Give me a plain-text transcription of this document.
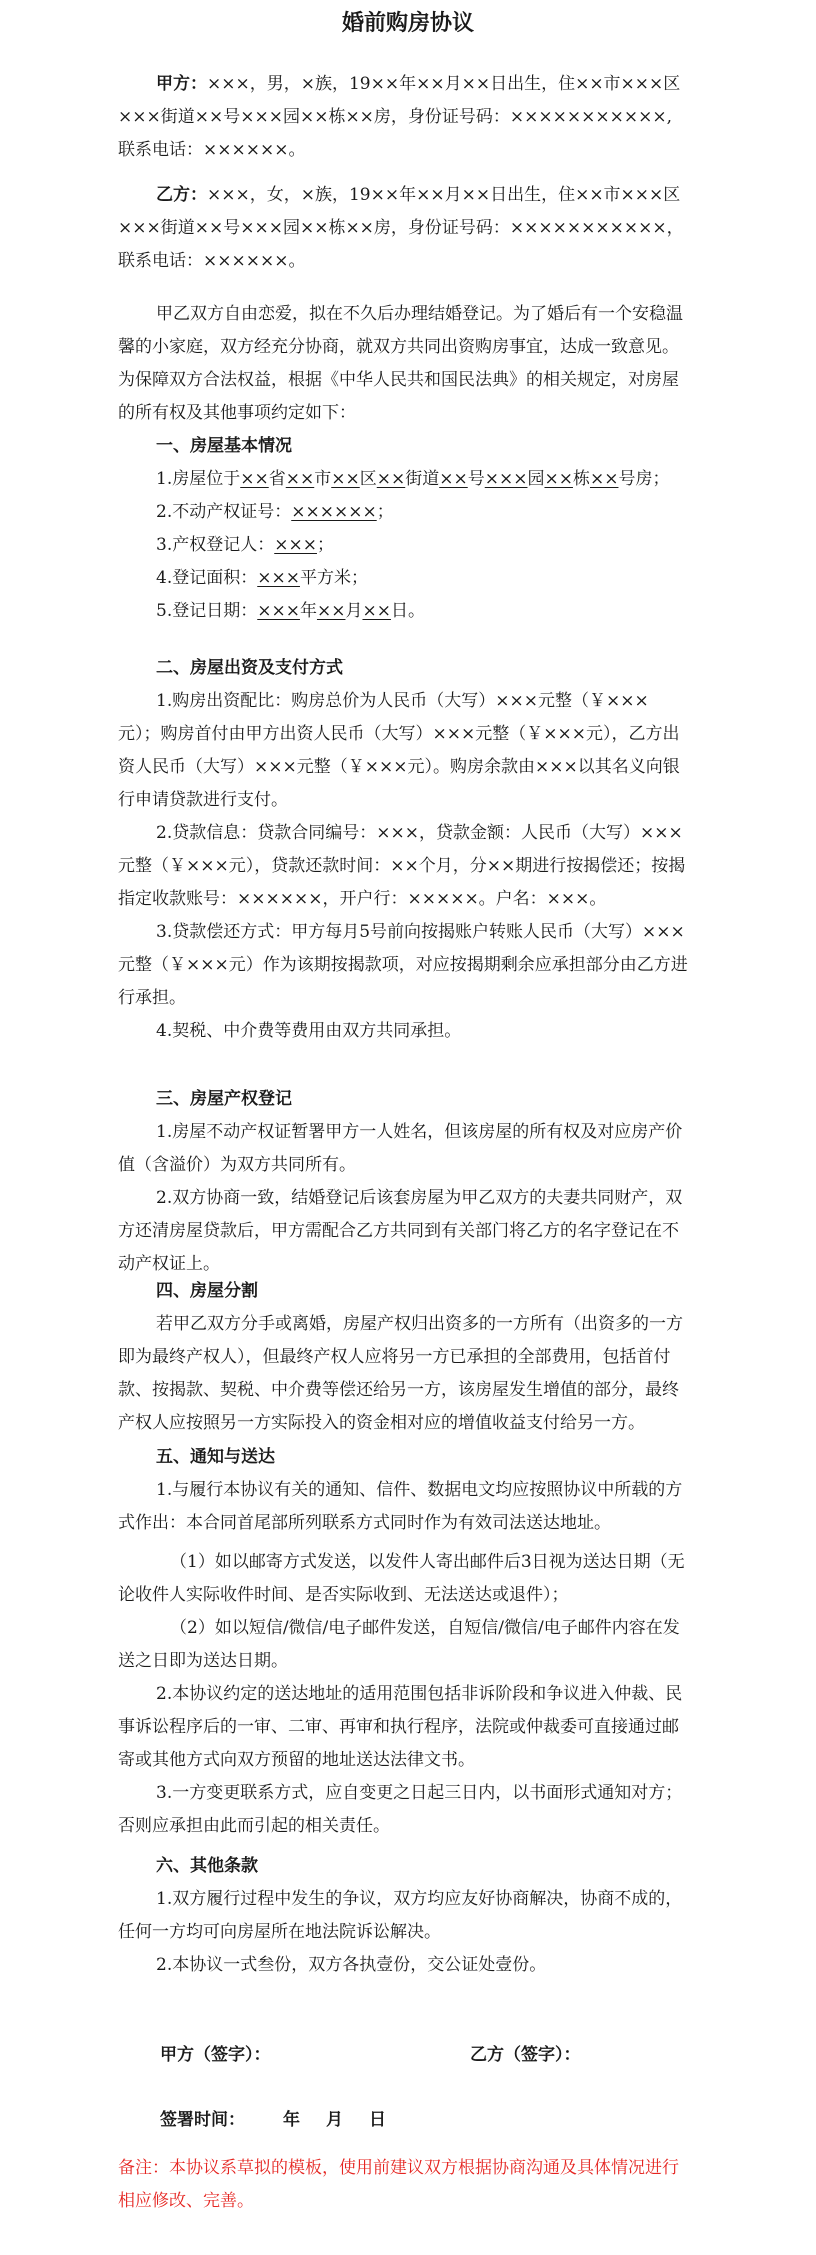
婚前购房协议

甲方：×××，男，×族，19××年××月××日出生，住××市×××区×××街道××号×××园××栋××房，身份证号码：×××××××××××,联系电话：××××××。

乙方：×××，女，×族，19××年××月××日出生，住××市×××区×××街道××号×××园××栋××房，身份证号码：×××××××××××，联系电话：××××××。

甲乙双方自由恋爱，拟在不久后办理结婚登记。为了婚后有一个安稳温馨的小家庭，双方经充分协商，就双方共同出资购房事宜，达成一致意见。为保障双方合法权益，根据《中华人民共和国民法典》的相关规定，对房屋的所有权及其他事项约定如下：

一、房屋基本情况

1.房屋位于××省××市××区××街道××号×××园××栋××号房；

2.不动产权证号：××××××；

3.产权登记人：×××；

4.登记面积：×××平方米；

5.登记日期：×××年××月××日。

二、房屋出资及支付方式

1.购房出资配比：购房总价为人民币（大写）×××元整（￥×××元）；购房首付由甲方出资人民币（大写）×××元整（￥×××元），乙方出资人民币（大写）×××元整（￥×××元）。购房余款由×××以其名义向银行申请贷款进行支付。

2.贷款信息：贷款合同编号：×××，贷款金额：人民币（大写）×××元整（￥×××元），贷款还款时间：××个月，分××期进行按揭偿还；按揭指定收款账号：××××××，开户行：×××××。户名：×××。

3.贷款偿还方式：甲方每月5号前向按揭账户转账人民币（大写）×××元整（￥×××元）作为该期按揭款项，对应按揭期剩余应承担部分由乙方进行承担。

4.契税、中介费等费用由双方共同承担。

三、房屋产权登记

1.房屋不动产权证暂署甲方一人姓名，但该房屋的所有权及对应房产价值（含溢价）为双方共同所有。

2.双方协商一致，结婚登记后该套房屋为甲乙双方的夫妻共同财产，双方还清房屋贷款后，甲方需配合乙方共同到有关部门将乙方的名字登记在不动产权证上。

四、房屋分割

若甲乙双方分手或离婚，房屋产权归出资多的一方所有（出资多的一方即为最终产权人），但最终产权人应将另一方已承担的全部费用，包括首付款、按揭款、契税、中介费等偿还给另一方，该房屋发生增值的部分，最终产权人应按照另一方实际投入的资金相对应的增值收益支付给另一方。

五、通知与送达

1.与履行本协议有关的通知、信件、数据电文均应按照协议中所载的方式作出：本合同首尾部所列联系方式同时作为有效司法送达地址。

（1）如以邮寄方式发送，以发件人寄出邮件后3日视为送达日期（无论收件人实际收件时间、是否实际收到、无法送达或退件）；

（2）如以短信/微信/电子邮件发送，自短信/微信/电子邮件内容在发送之日即为送达日期。

2.本协议约定的送达地址的适用范围包括非诉阶段和争议进入仲裁、民事诉讼程序后的一审、二审、再审和执行程序，法院或仲裁委可直接通过邮寄或其他方式向双方预留的地址送达法律文书。

3.一方变更联系方式，应自变更之日起三日内，以书面形式通知对方；否则应承担由此而引起的相关责任。

六、其他条款

1.双方履行过程中发生的争议，双方均应友好协商解决，协商不成的，任何一方均可向房屋所在地法院诉讼解决。

2.本协议一式叁份，双方各执壹份，交公证处壹份。

甲方（签字）：	乙方（签字）：
签署时间： 年 月 日
备注：本协议系草拟的模板，使用前建议双方根据协商沟通及具体情况进行相应修改、完善。
